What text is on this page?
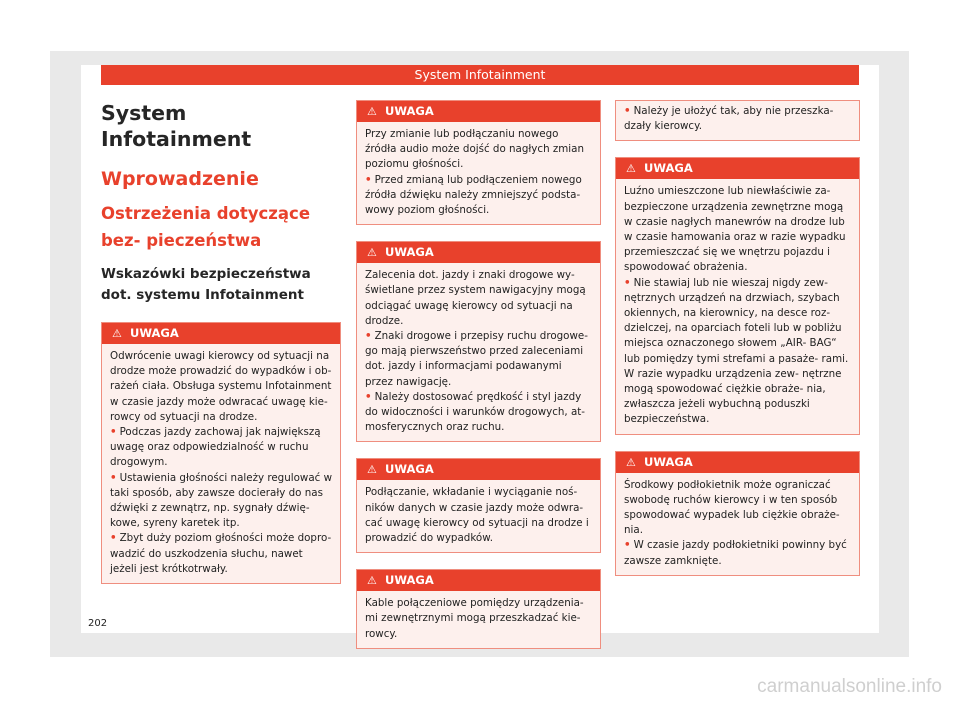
System Infotainment
System Infotainment
Wprowadzenie
Ostrzeżenia dotyczące bez- pieczeństwa
Wskazówki bezpieczeństwa dot. systemu Infotainment
⚠ UWAGA

Odwrócenie uwagi kierowcy od sytuacji na drodze może prowadzić do wypadków i ob- rażeń ciała. Obsługa systemu Infotainment w czasie jazdy może odwracać uwagę kie- rowcy od sytuacji na drodze.

• Podczas jazdy zachowaj jak największą uwagę oraz odpowiedzialność w ruchu drogowym.

• Ustawienia głośności należy regulować w taki sposób, aby zawsze docierały do nas dźwięki z zewnątrz, np. sygnały dźwię- kowe, syreny karetek itp.

• Zbyt duży poziom głośności może dopro- wadzić do uszkodzenia słuchu, nawet jeżeli jest krótkotrwały.

⚠ UWAGA

Przy zmianie lub podłączaniu nowego źródła audio może dojść do nagłych zmian poziomu głośności.

• Przed zmianą lub podłączeniem nowego źródła dźwięku należy zmniejszyć podsta- wowy poziom głośności.

⚠ UWAGA

Zalecenia dot. jazdy i znaki drogowe wy- świetlane przez system nawigacyjny mogą odciągać uwagę kierowcy od sytuacji na drodze.

• Znaki drogowe i przepisy ruchu drogowe- go mają pierwszeństwo przed zaleceniami dot. jazdy i informacjami podawanymi przez nawigację.

• Należy dostosować prędkość i styl jazdy do widoczności i warunków drogowych, at- mosferycznych oraz ruchu.

⚠ UWAGA

Podłączanie, wkładanie i wyciąganie noś- ników danych w czasie jazdy może odwra- cać uwagę kierowcy od sytuacji na drodze i prowadzić do wypadków.

⚠ UWAGA

Kable połączeniowe pomiędzy urządzenia- mi zewnętrznymi mogą przeszkadzać kie- rowcy.

• Należy je ułożyć tak, aby nie przeszka- dzały kierowcy.

⚠ UWAGA

Luźno umieszczone lub niewłaściwie za- bezpieczone urządzenia zewnętrzne mogą w czasie nagłych manewrów na drodze lub w czasie hamowania oraz w razie wypadku przemieszczać się we wnętrzu pojazdu i spowodować obrażenia.

• Nie stawiaj lub nie wieszaj nigdy zew- nętrznych urządzeń na drzwiach, szybach okiennych, na kierownicy, na desce roz- dzielczej, na oparciach foteli lub w pobliżu miejsca oznaczonego słowem „AIR- BAG“ lub pomiędzy tymi strefami a pasaże- rami. W razie wypadku urządzenia zew- nętrzne mogą spowodować ciężkie obraże- nia, zwłaszcza jeżeli wybuchną poduszki bezpieczeństwa.

⚠ UWAGA

Środkowy podłokietnik może ograniczać swobodę ruchów kierowcy i w ten sposób spowodować wypadek lub ciężkie obraże- nia.

• W czasie jazdy podłokietniki powinny być zawsze zamknięte.

202
carmanualsonline.info
